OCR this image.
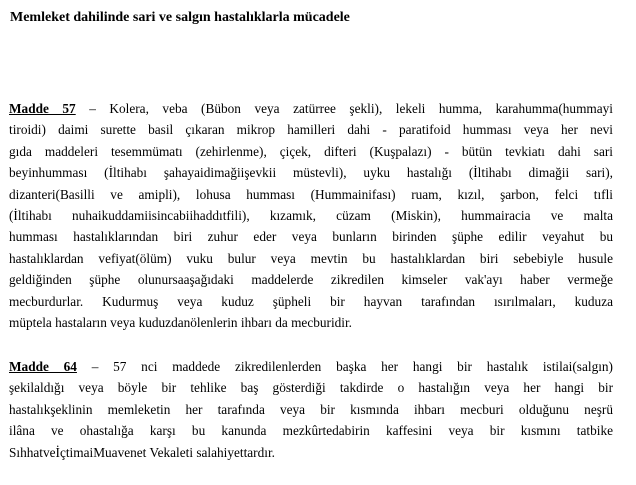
Memleket dahilinde sari ve salgın hastalıklarla mücadele
Madde 57 – Kolera, veba (Bübon veya zatürree şekli), lekeli humma, karahumma(hummayi
tiroidi) daimi surette basil çıkaran mikrop hamilleri dahi - paratifoid humması veya her nevi
gıda maddeleri tesemmümatı (zehirlenme), çiçek, difteri (Kuşpalazı) - bütün tevkiatı dahi sari
beyinhumması (İltihabı şahayaidimağiişevkii müstevli), uyku hastalığı (İltihabı dimağii sari),
dizanteri(Basilli ve amipli), lohusa humması (Hummainifası) ruam, kızıl, şarbon, felci tıfli
(İltihabı nuhaikuddamiisincabiihaddıtfili), kızamık, cüzam (Miskin), hummairacia ve malta
humması hastalıklarından biri zuhur eder veya bunların birinden şüphe edilir veyahut bu
hastalıklardan vefiyat(ölüm) vuku bulur veya mevtin bu hastalıklardan biri sebebiyle husule
geldiğinden şüphe olunursaaşağıdaki maddelerde zikredilen kimseler vak'ayı haber vermeğe
mecburdurlar. Kudurmuş veya kuduz şüpheli bir hayvan tarafından ısırılmaları, kuduza
müptela hastaların veya kuduzdanölenlerin ihbarı da mecburidir.
Madde 64 – 57 nci maddede zikredilenlerden başka her hangi bir hastalık istilai(salgın)
şekilaldığı veya böyle bir tehlike baş gösterdiği takdirde o hastalığın veya her hangi bir
hastalıkşeklinin memleketin her tarafında veya bir kısmında ihbarı mecburi olduğunu neşrü
ilâna ve ohastalığa karşı bu kanunda mezkûrtedabirin kaffesini veya bir kısmını tatbike
SıhhatveİçtimaiMuavenet Vekaleti salahiyettardır.
